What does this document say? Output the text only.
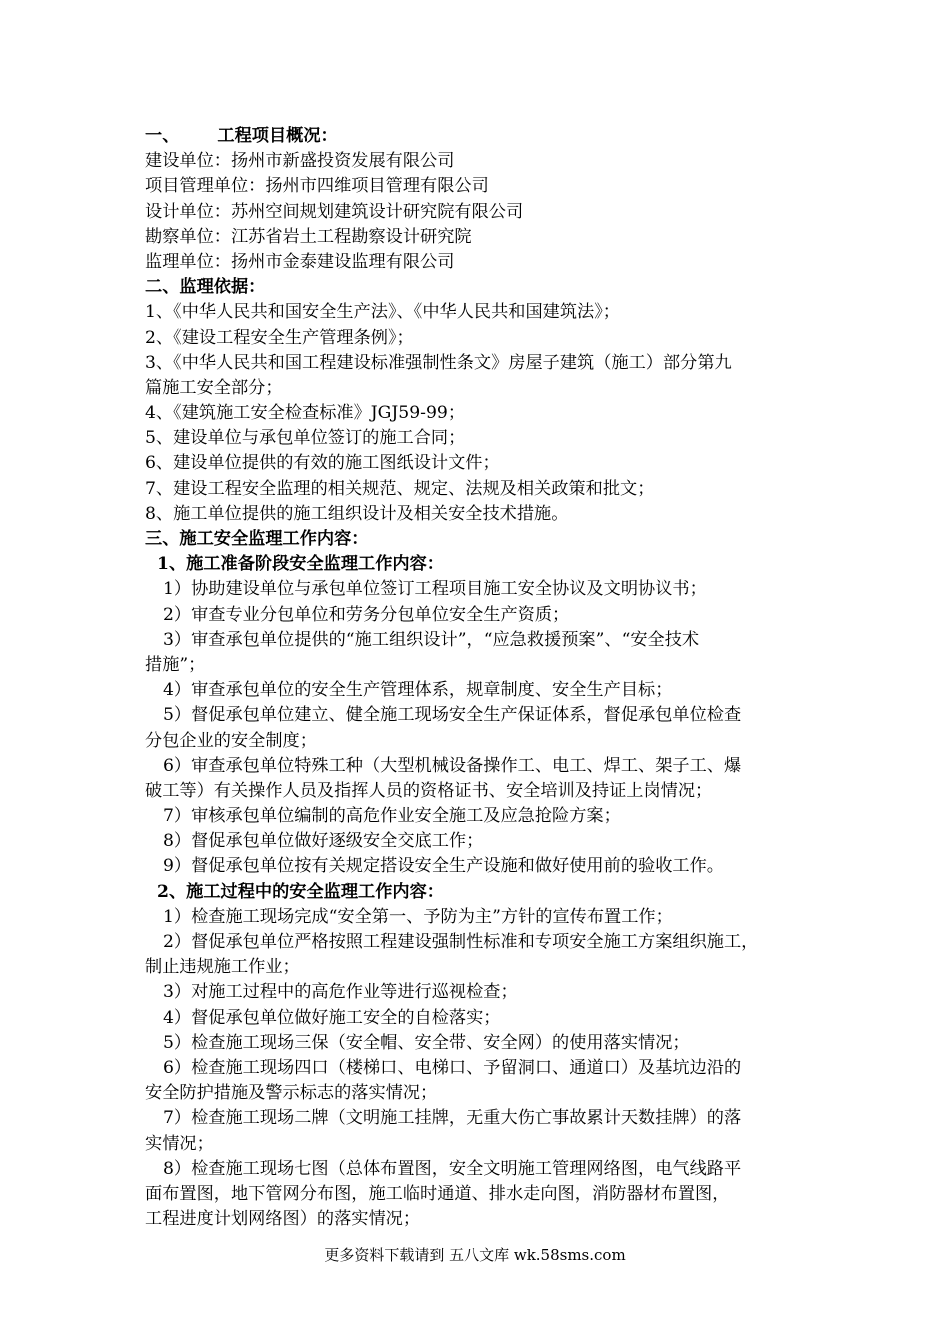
一、 工程项目概况：
建设单位：扬州市新盛投资发展有限公司
项目管理单位：扬州市四维项目管理有限公司
设计单位：苏州空间规划建筑设计研究院有限公司
勘察单位：江苏省岩土工程勘察设计研究院
监理单位：扬州市金泰建设监理有限公司
二、监理依据：
1、《中华人民共和国安全生产法》、《中华人民共和国建筑法》；
2、《建设工程安全生产管理条例》；
3、《中华人民共和国工程建设标准强制性条文》房屋子建筑（施工）部分第九
篇施工安全部分；
4、《建筑施工安全检查标准》JGJ59-99；
5、建设单位与承包单位签订的施工合同；
6、建设单位提供的有效的施工图纸设计文件；
7、建设工程安全监理的相关规范、规定、法规及相关政策和批文；
8、施工单位提供的施工组织设计及相关安全技术措施。
三、施工安全监理工作内容：
1、施工准备阶段安全监理工作内容：
1）协助建设单位与承包单位签订工程项目施工安全协议及文明协议书；
2）审查专业分包单位和劳务分包单位安全生产资质；
3）审查承包单位提供的“施工组织设计”，“应急救援预案”、“安全技术
措施”；
4）审查承包单位的安全生产管理体系，规章制度、安全生产目标；
5）督促承包单位建立、健全施工现场安全生产保证体系，督促承包单位检查
分包企业的安全制度；
6）审查承包单位特殊工种（大型机械设备操作工、电工、焊工、架子工、爆
破工等）有关操作人员及指挥人员的资格证书、安全培训及持证上岗情况；
7）审核承包单位编制的高危作业安全施工及应急抢险方案；
8）督促承包单位做好逐级安全交底工作；
9）督促承包单位按有关规定搭设安全生产设施和做好使用前的验收工作。
2、施工过程中的安全监理工作内容：
1）检查施工现场完成“安全第一、予防为主”方针的宣传布置工作；
2）督促承包单位严格按照工程建设强制性标准和专项安全施工方案组织施工，
制止违规施工作业；
3）对施工过程中的高危作业等进行巡视检查；
4）督促承包单位做好施工安全的自检落实；
5）检查施工现场三保（安全帽、安全带、安全网）的使用落实情况；
6）检查施工现场四口（楼梯口、电梯口、予留洞口、通道口）及基坑边沿的
安全防护措施及警示标志的落实情况；
7）检查施工现场二牌（文明施工挂牌，无重大伤亡事故累计天数挂牌）的落
实情况；
8）检查施工现场七图（总体布置图，安全文明施工管理网络图，电气线路平
面布置图，地下管网分布图，施工临时通道、排水走向图，消防器材布置图，
工程进度计划网络图）的落实情况；
更多资料下载请到 五八文库 wk.58sms.com
